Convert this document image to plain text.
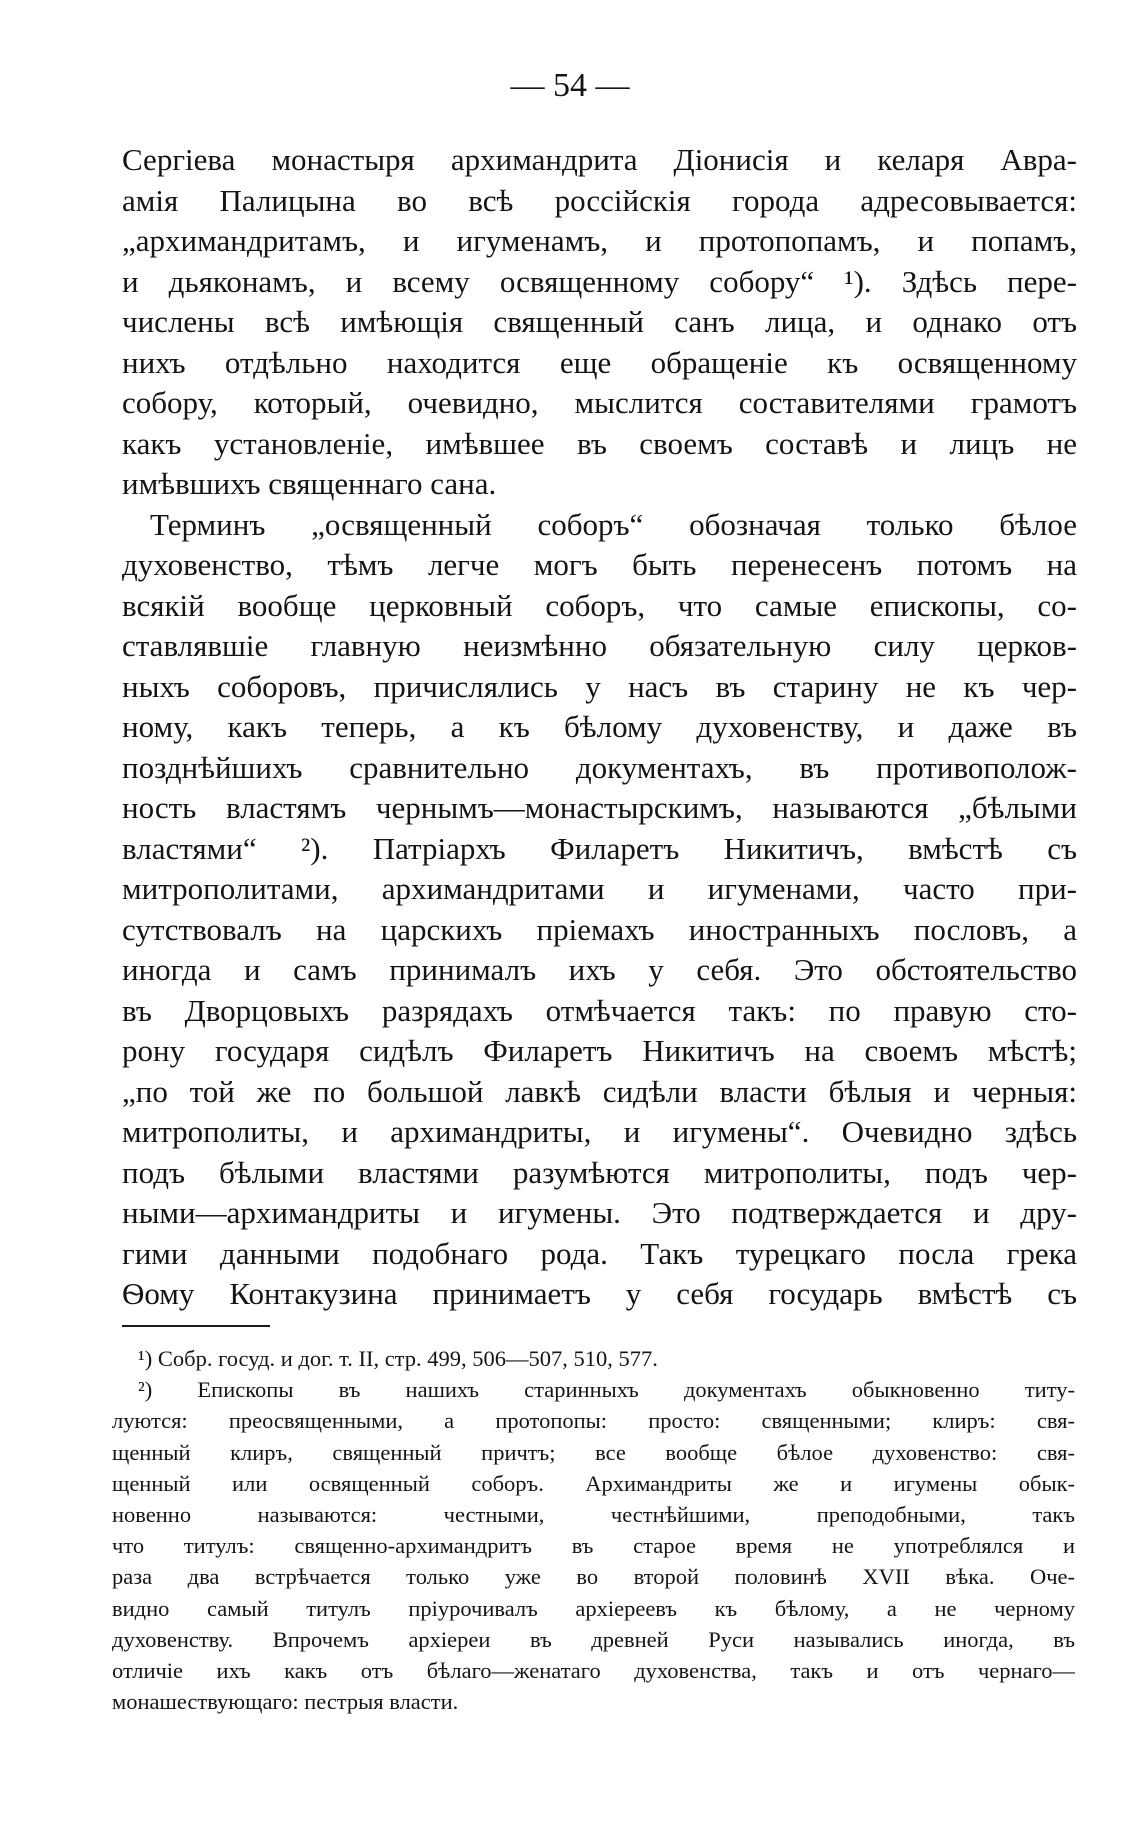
— 54 —
Сергіева монастыря архимандрита Діонисія и келаря Авра-
амія Палицына во всѣ россійскія города адресовывается:
„архимандритамъ, и игуменамъ, и протопопамъ, и попамъ,
и дьяконамъ, и всему освященному собору“ ¹). Здѣсь пере-
числены всѣ имѣющія священный санъ лица, и однако отъ
нихъ отдѣльно находится еще обращеніе къ освященному
собору, который, очевидно, мыслится составителями грамотъ
какъ установленіе, имѣвшее въ своемъ составѣ и лицъ не
имѣвшихъ священнаго сана.
Терминъ „освященный соборъ“ обозначая только бѣлое
духовенство, тѣмъ легче могъ быть перенесенъ потомъ на
всякій вообще церковный соборъ, что самые епископы, со-
ставлявшіе главную неизмѣнно обязательную силу церков-
ныхъ соборовъ, причислялись у насъ въ старину не къ чер-
ному, какъ теперь, а къ бѣлому духовенству, и даже въ
позднѣйшихъ сравнительно документахъ, въ противополож-
ность властямъ чернымъ—монастырскимъ, называются „бѣлыми
властями“ ²). Патріархъ Филаретъ Никитичъ, вмѣстѣ съ
митрополитами, архимандритами и игуменами, часто при-
сутствовалъ на царскихъ пріемахъ иностранныхъ пословъ, а
иногда и самъ принималъ ихъ у себя. Это обстоятельство
въ Дворцовыхъ разрядахъ отмѣчается такъ: по правую сто-
рону государя сидѣлъ Филаретъ Никитичъ на своемъ мѣстѣ;
„по той же по большой лавкѣ сидѣли власти бѣлыя и черныя:
митрополиты, и архимандриты, и игумены“. Очевидно здѣсь
подъ бѣлыми властями разумѣются митрополиты, подъ чер-
ными—архимандриты и игумены. Это подтверждается и дру-
гими данными подобнаго рода. Такъ турецкаго посла грека
Ѳому Контакузина принимаетъ у себя государь вмѣстѣ съ
¹) Собр. госуд. и дог. т. II, стр. 499, 506—507, 510, 577.
²) Епископы въ нашихъ старинныхъ документахъ обыкновенно титу-
луются: преосвященными, а протопопы: просто: священными; клиръ: свя-
щенный клиръ, священный причтъ; все вообще бѣлое духовенство: свя-
щенный или освященный соборъ. Архимандриты же и игумены обык-
новенно называются: честными, честнѣйшими, преподобными, такъ
что титулъ: священно-архимандритъ въ старое время не употреблялся и
раза два встрѣчается только уже во второй половинѣ XVII вѣка. Оче-
видно самый титулъ пріурочивалъ архіереевъ къ бѣлому, а не черному
духовенству. Впрочемъ архіереи въ древней Руси назывались иногда, въ
отличіе ихъ какъ отъ бѣлаго—женатаго духовенства, такъ и отъ чернаго—
монашествующаго: пестрыя власти.
